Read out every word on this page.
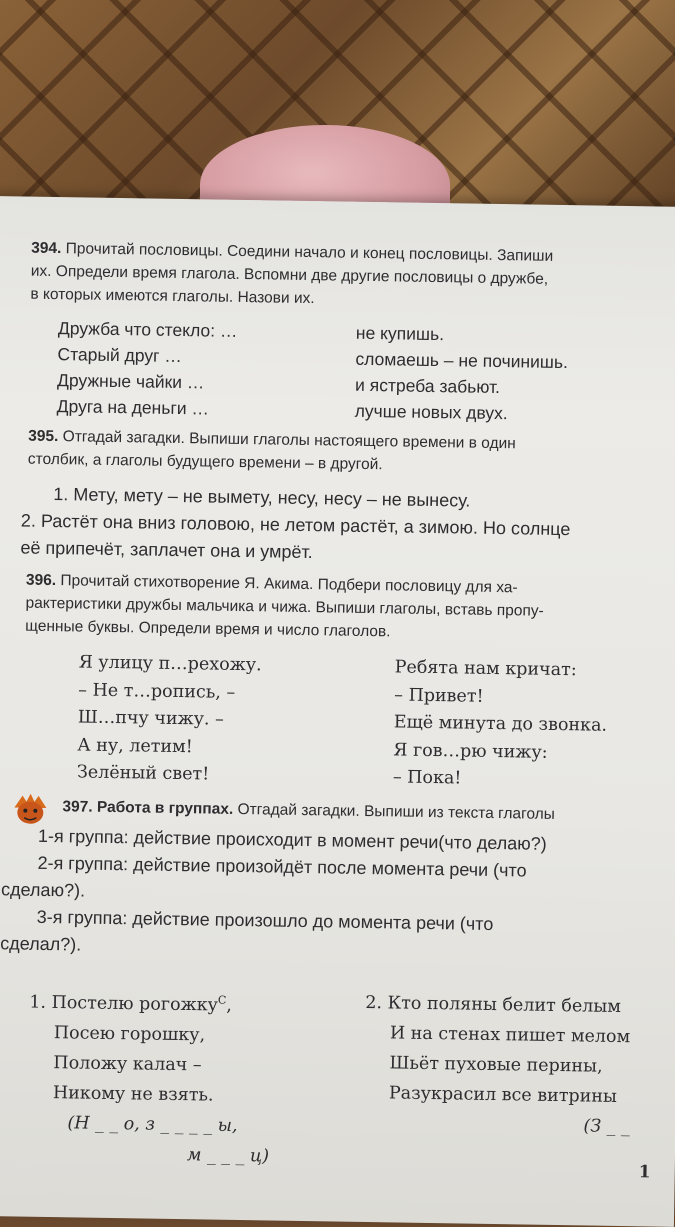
394. Прочитай пословицы. Соедини начало и конец пословицы. Запиши
их. Определи время глагола. Вспомни две другие пословицы о дружбе,
в которых имеются глаголы. Назови их.
Дружба что стекло: …
Старый друг …
Дружные чайки …
Друга на деньги …
не купишь.
сломаешь – не починишь.
и ястреба забьют.
лучше новых двух.
395. Отгадай загадки. Выпиши глаголы настоящего времени в один
столбик, а глаголы будущего времени – в другой.
1. Мету, мету – не вымету, несу, несу – не вынесу.
2. Растёт она вниз головою, не летом растёт, а зимою. Но солнце
её припечёт, заплачет она и умрёт.
396. Прочитай стихотворение Я. Акима. Подбери пословицу для ха-
рактеристики дружбы мальчика и чижа. Выпиши глаголы, вставь пропу-
щенные буквы. Определи время и число глаголов.
Я улицу п…рехожу.
– Не т…ропись, –
Ш…пчу чижу. –
А ну, летим!
Зелёный свет!
Ребята нам кричат:
– Привет!
Ещё минута до звонка.
Я гов…рю чижу:
– Пока!
397. Работа в группах. Отгадай загадки. Выпиши из текста глаголы
1-я группа: действие происходит в момент речи(что делаю?)
2-я группа: действие произойдёт после момента речи (что
сделаю?).
3-я группа: действие произошло до момента речи (что
сделал?).
1. Постелю рогожку$^С$,
Посею горошку,
Положу калач –
Никому не взять.
(Н _ _ о, з _ _ _ _ ы,
м _ _ _ ц)
2. Кто поляны белит белым
И на стенах пишет мелом
Шьёт пуховые перины,
Разукрасил все витрины
(З _ _
1
